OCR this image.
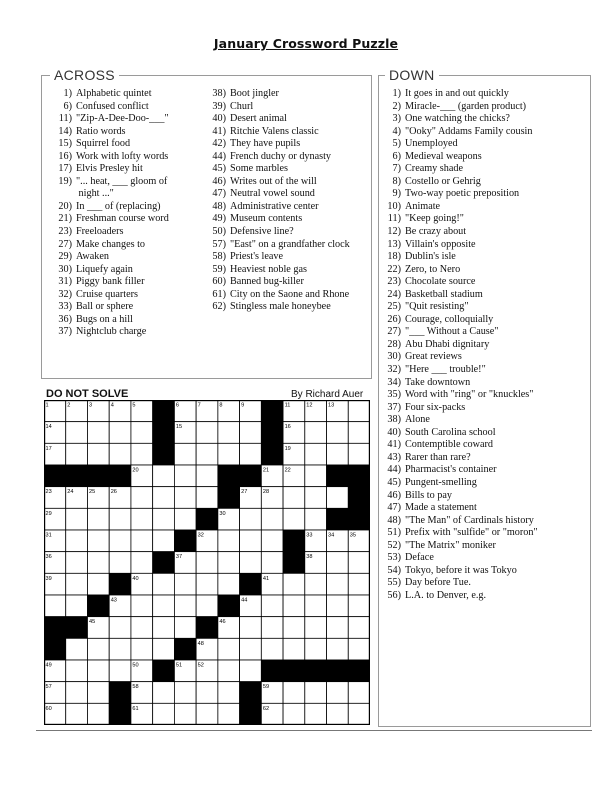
January Crossword Puzzle
ACROSS
1) Alphabetic quintet
6) Confused conflict
11) "Zip-A-Dee-Doo-___"
14) Ratio words
15) Squirrel food
16) Work with lofty words
17) Elvis Presley hit
19) "... heat, ___ gloom of
night ..."
20) In ___ of (replacing)
21) Freshman course word
23) Freeloaders
27) Make changes to
29) Awaken
30) Liquefy again
31) Piggy bank filler
32) Cruise quarters
33) Ball or sphere
36) Bugs on a hill
37) Nightclub charge
38) Boot jingler
39) Churl
40) Desert animal
41) Ritchie Valens classic
42) They have pupils
44) French duchy or dynasty
45) Some marbles
46) Writes out of the will
47) Neutral vowel sound
48) Administrative center
49) Museum contents
50) Defensive line?
57) "East" on a grandfather clock
58) Priest's leave
59) Heaviest noble gas
60) Banned bug-killer
61) City on the Saone and Rhone
62) Stingless male honeybee
DOWN
1) It goes in and out quickly
2) Miracle-___ (garden product)
3) One watching the chicks?
4) "Ooky" Addams Family cousin
5) Unemployed
6) Medieval weapons
7) Creamy shade
8) Costello or Gehrig
9) Two-way poetic preposition
10) Animate
11) "Keep going!"
12) Be crazy about
13) Villain's opposite
18) Dublin's isle
22) Zero, to Nero
23) Chocolate source
24) Basketball stadium
25) "Quit resisting"
26) Courage, colloquially
27) "___ Without a Cause"
28) Abu Dhabi dignitary
30) Great reviews
32) "Here ___ trouble!"
34) Take downtown
35) Word with "ring" or "knuckles"
37) Four six-packs
38) Alone
40) South Carolina school
41) Contemptible coward
43) Rarer than rare?
44) Pharmacist's container
45) Pungent-smelling
46) Bills to pay
47) Made a statement
48) "The Man" of Cardinals history
51) Prefix with "sulfide" or "moron"
52) "The Matrix" moniker
53) Deface
54) Tokyo, before it was Tokyo
55) Day before Tue.
56) L.A. to Denver, e.g.
DO NOT SOLVE	By Richard Auer
1	2	3	4	5	6	7	8	9	10	11	12	13
14	15	16
17	18	19
20	21	22
23	24	25	26	27	28
29	30
31	32	33	34	35
36	37	38
39	40	41
42	43	44
45	46
47	48
49	50	51	52	53	54
57	58	59
60	61	62
